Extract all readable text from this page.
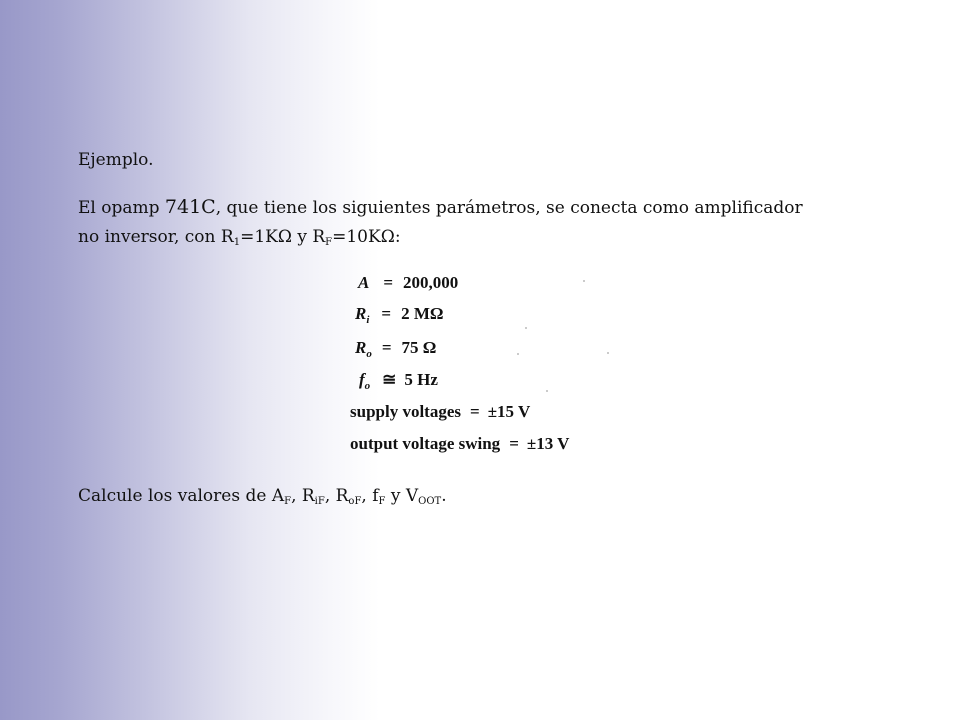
Ejemplo.

El opamp 741C, que tiene los siguientes parámetros, se conecta como amplificador

no inversor, con $R_1=1K\Omega$ y $R_F=10K\Omega$:

A = 200,000
$R_i = 2$ MΩ
$R_o = 75$ Ω
$f_o$ ≅ 5 Hz
supply voltages = ±15 V
output voltage swing = ±13 V

Calcule los valores de $A_F$, $R_{iF}$, $R_{oF}$, $f_F$ y $V_{OOT}$.
